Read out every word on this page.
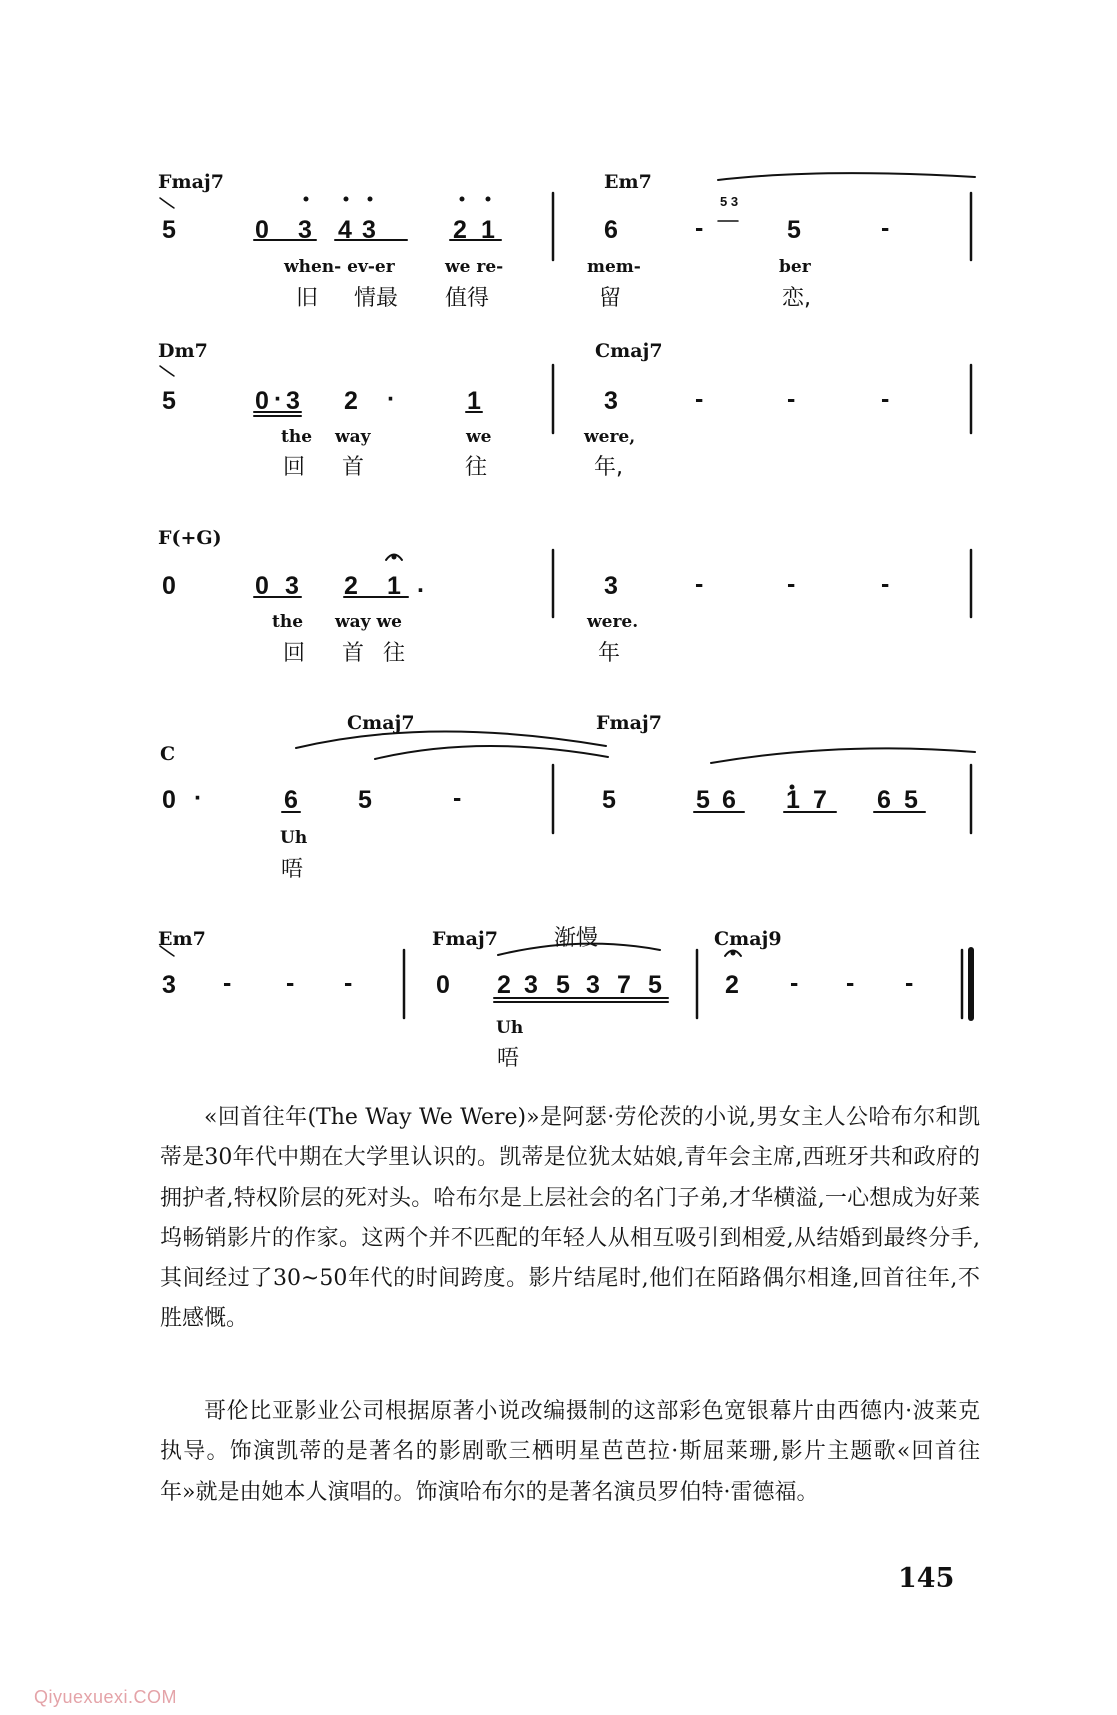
Fmaj7	Em7
5	0 3 4 3	2 1	6	-
5 3
5	-
when- ev-er	we re-	mem-	ber
旧 情最 值得	留	恋,
Dm7	Cmaj7
5	0 · 3 2 ·	1	3	-	-	-
the way	we	were,
回 首	往	年,
F(+G)
0	0 3 2 1 .	3	-	-	-
the way we	were.
回 首 往	年
C
Cmaj7	Fmaj7
0 ·	6 5	-	5	5 6 1 7 6 5
Uh
唔
Em7	Fmaj7	渐慢	Cmaj9
3 - - -	0 2 3 5 3 7 5	2 - - -
Uh
唔

«回首往年(The Way We Were)»是阿瑟·劳伦茨的小说,男女主人公哈布尔和凯蒂是30年代中期在大学里认识的。凯蒂是位犹太姑娘,青年会主席,西班牙共和政府的拥护者,特权阶层的死对头。哈布尔是上层社会的名门子弟,才华横溢,一心想成为好莱坞畅销影片的作家。这两个并不匹配的年轻人从相互吸引到相爱,从结婚到最终分手,其间经过了30~50年代的时间跨度。影片结尾时,他们在陌路偶尔相逢,回首往年,不胜感慨。

哥伦比亚影业公司根据原著小说改编摄制的这部彩色宽银幕片由西德内·波莱克执导。饰演凯蒂的是著名的影剧歌三栖明星芭芭拉·斯屈莱珊,影片主题歌«回首往年»就是由她本人演唱的。饰演哈布尔的是著名演员罗伯特·雷德福。

145
Qiyuexuexi.COM
